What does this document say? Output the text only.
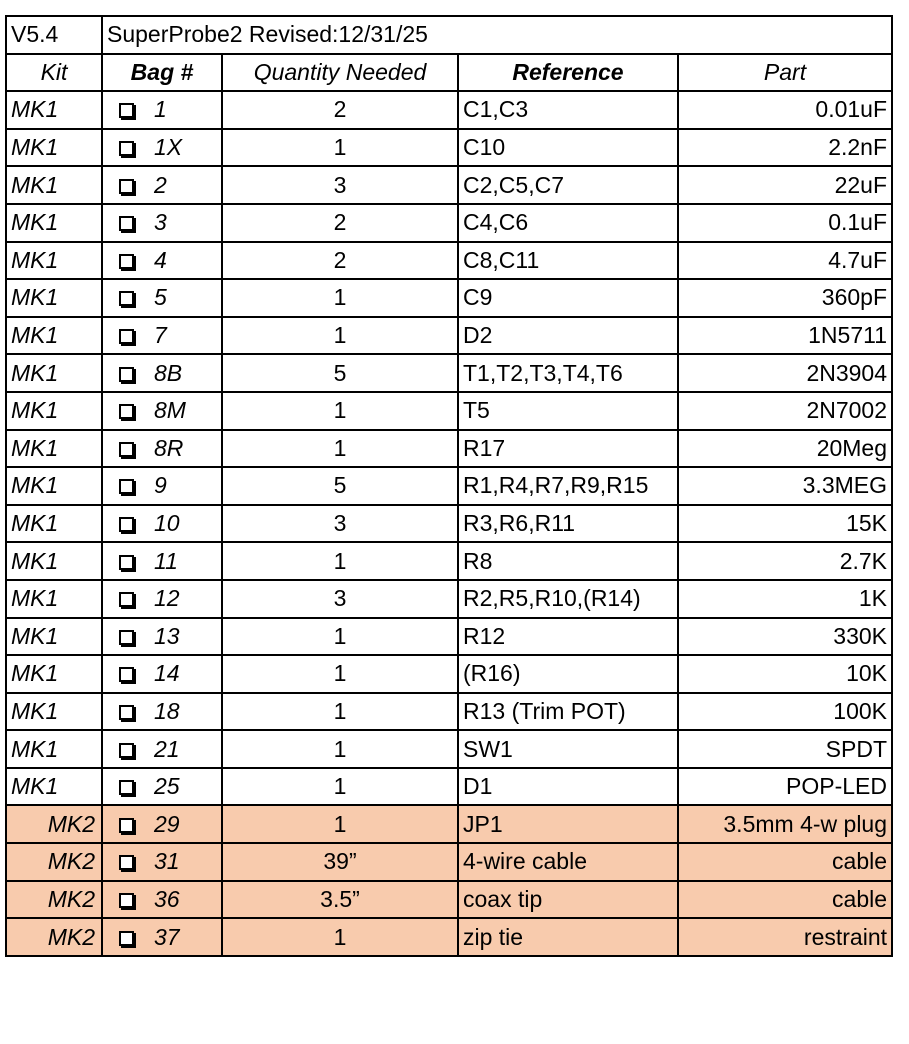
V5.4	SuperProbe2 Revised:12/31/25			
Kit	Bag #	Quantity Needed	Reference	Part
MK1	1	2	C1,C3	0.01uF
MK1	1X	1	C10	2.2nF
MK1	2	3	C2,C5,C7	22uF
MK1	3	2	C4,C6	0.1uF
MK1	4	2	C8,C11	4.7uF
MK1	5	1	C9	360pF
MK1	7	1	D2	1N5711
MK1	8B	5	T1,T2,T3,T4,T6	2N3904
MK1	8M	1	T5	2N7002
MK1	8R	1	R17	20Meg
MK1	9	5	R1,R4,R7,R9,R15	3.3MEG
MK1	10	3	R3,R6,R11	15K
MK1	11	1	R8	2.7K
MK1	12	3	R2,R5,R10,(R14)	1K
MK1	13	1	R12	330K
MK1	14	1	(R16)	10K
MK1	18	1	R13 (Trim POT)	100K
MK1	21	1	SW1	SPDT
MK1	25	1	D1	POP-LED
MK2	29	1	JP1	3.5mm 4-w plug
MK2	31	39”	4-wire cable	cable
MK2	36	3.5”	coax tip	cable
MK2	37	1	zip tie	restraint
